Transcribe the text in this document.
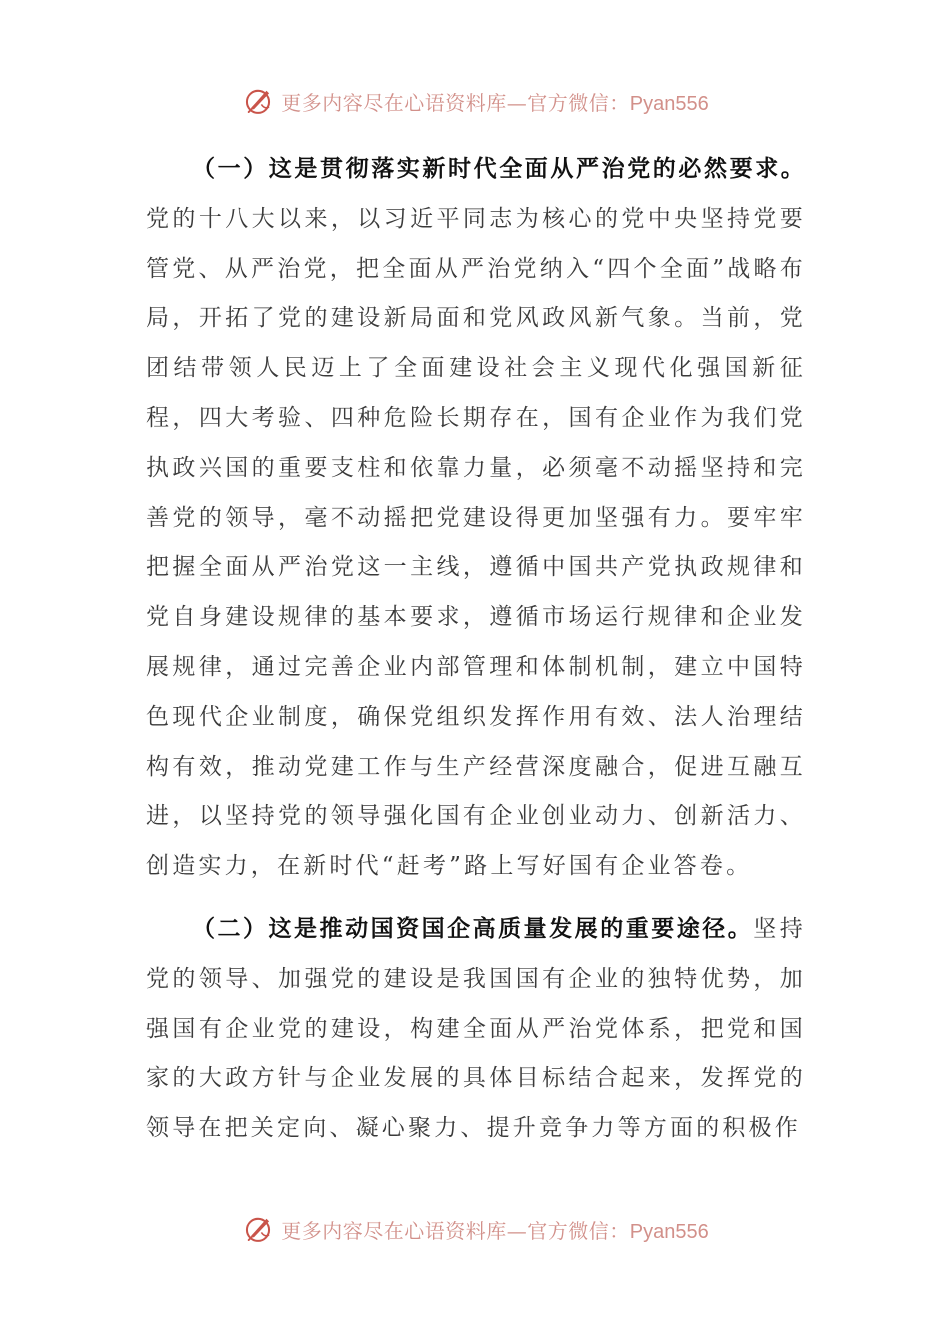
更多内容尽在心语资料库—官方微信：Pyan556

（一）这是贯彻落实新时代全面从严治党的必然要求。党的十八大以来，以习近平同志为核心的党中央坚持党要管党、从严治党，把全面从严治党纳入“四个全面”战略布局，开拓了党的建设新局面和党风政风新气象。当前，党团结带领人民迈上了全面建设社会主义现代化强国新征程，四大考验、四种危险长期存在，国有企业作为我们党执政兴国的重要支柱和依靠力量，必须毫不动摇坚持和完善党的领导，毫不动摇把党建设得更加坚强有力。要牢牢把握全面从严治党这一主线，遵循中国共产党执政规律和党自身建设规律的基本要求，遵循市场运行规律和企业发展规律，通过完善企业内部管理和体制机制，建立中国特色现代企业制度，确保党组织发挥作用有效、法人治理结构有效，推动党建工作与生产经营深度融合，促进互融互进，以坚持党的领导强化国有企业创业动力、创新活力、创造实力，在新时代“赶考”路上写好国有企业答卷。

（二）这是推动国资国企高质量发展的重要途径。坚持党的领导、加强党的建设是我国国有企业的独特优势，加强国有企业党的建设，构建全面从严治党体系，把党和国家的大政方针与企业发展的具体目标结合起来，发挥党的领导在把关定向、凝心聚力、提升竞争力等方面的积极作

更多内容尽在心语资料库—官方微信：Pyan556
